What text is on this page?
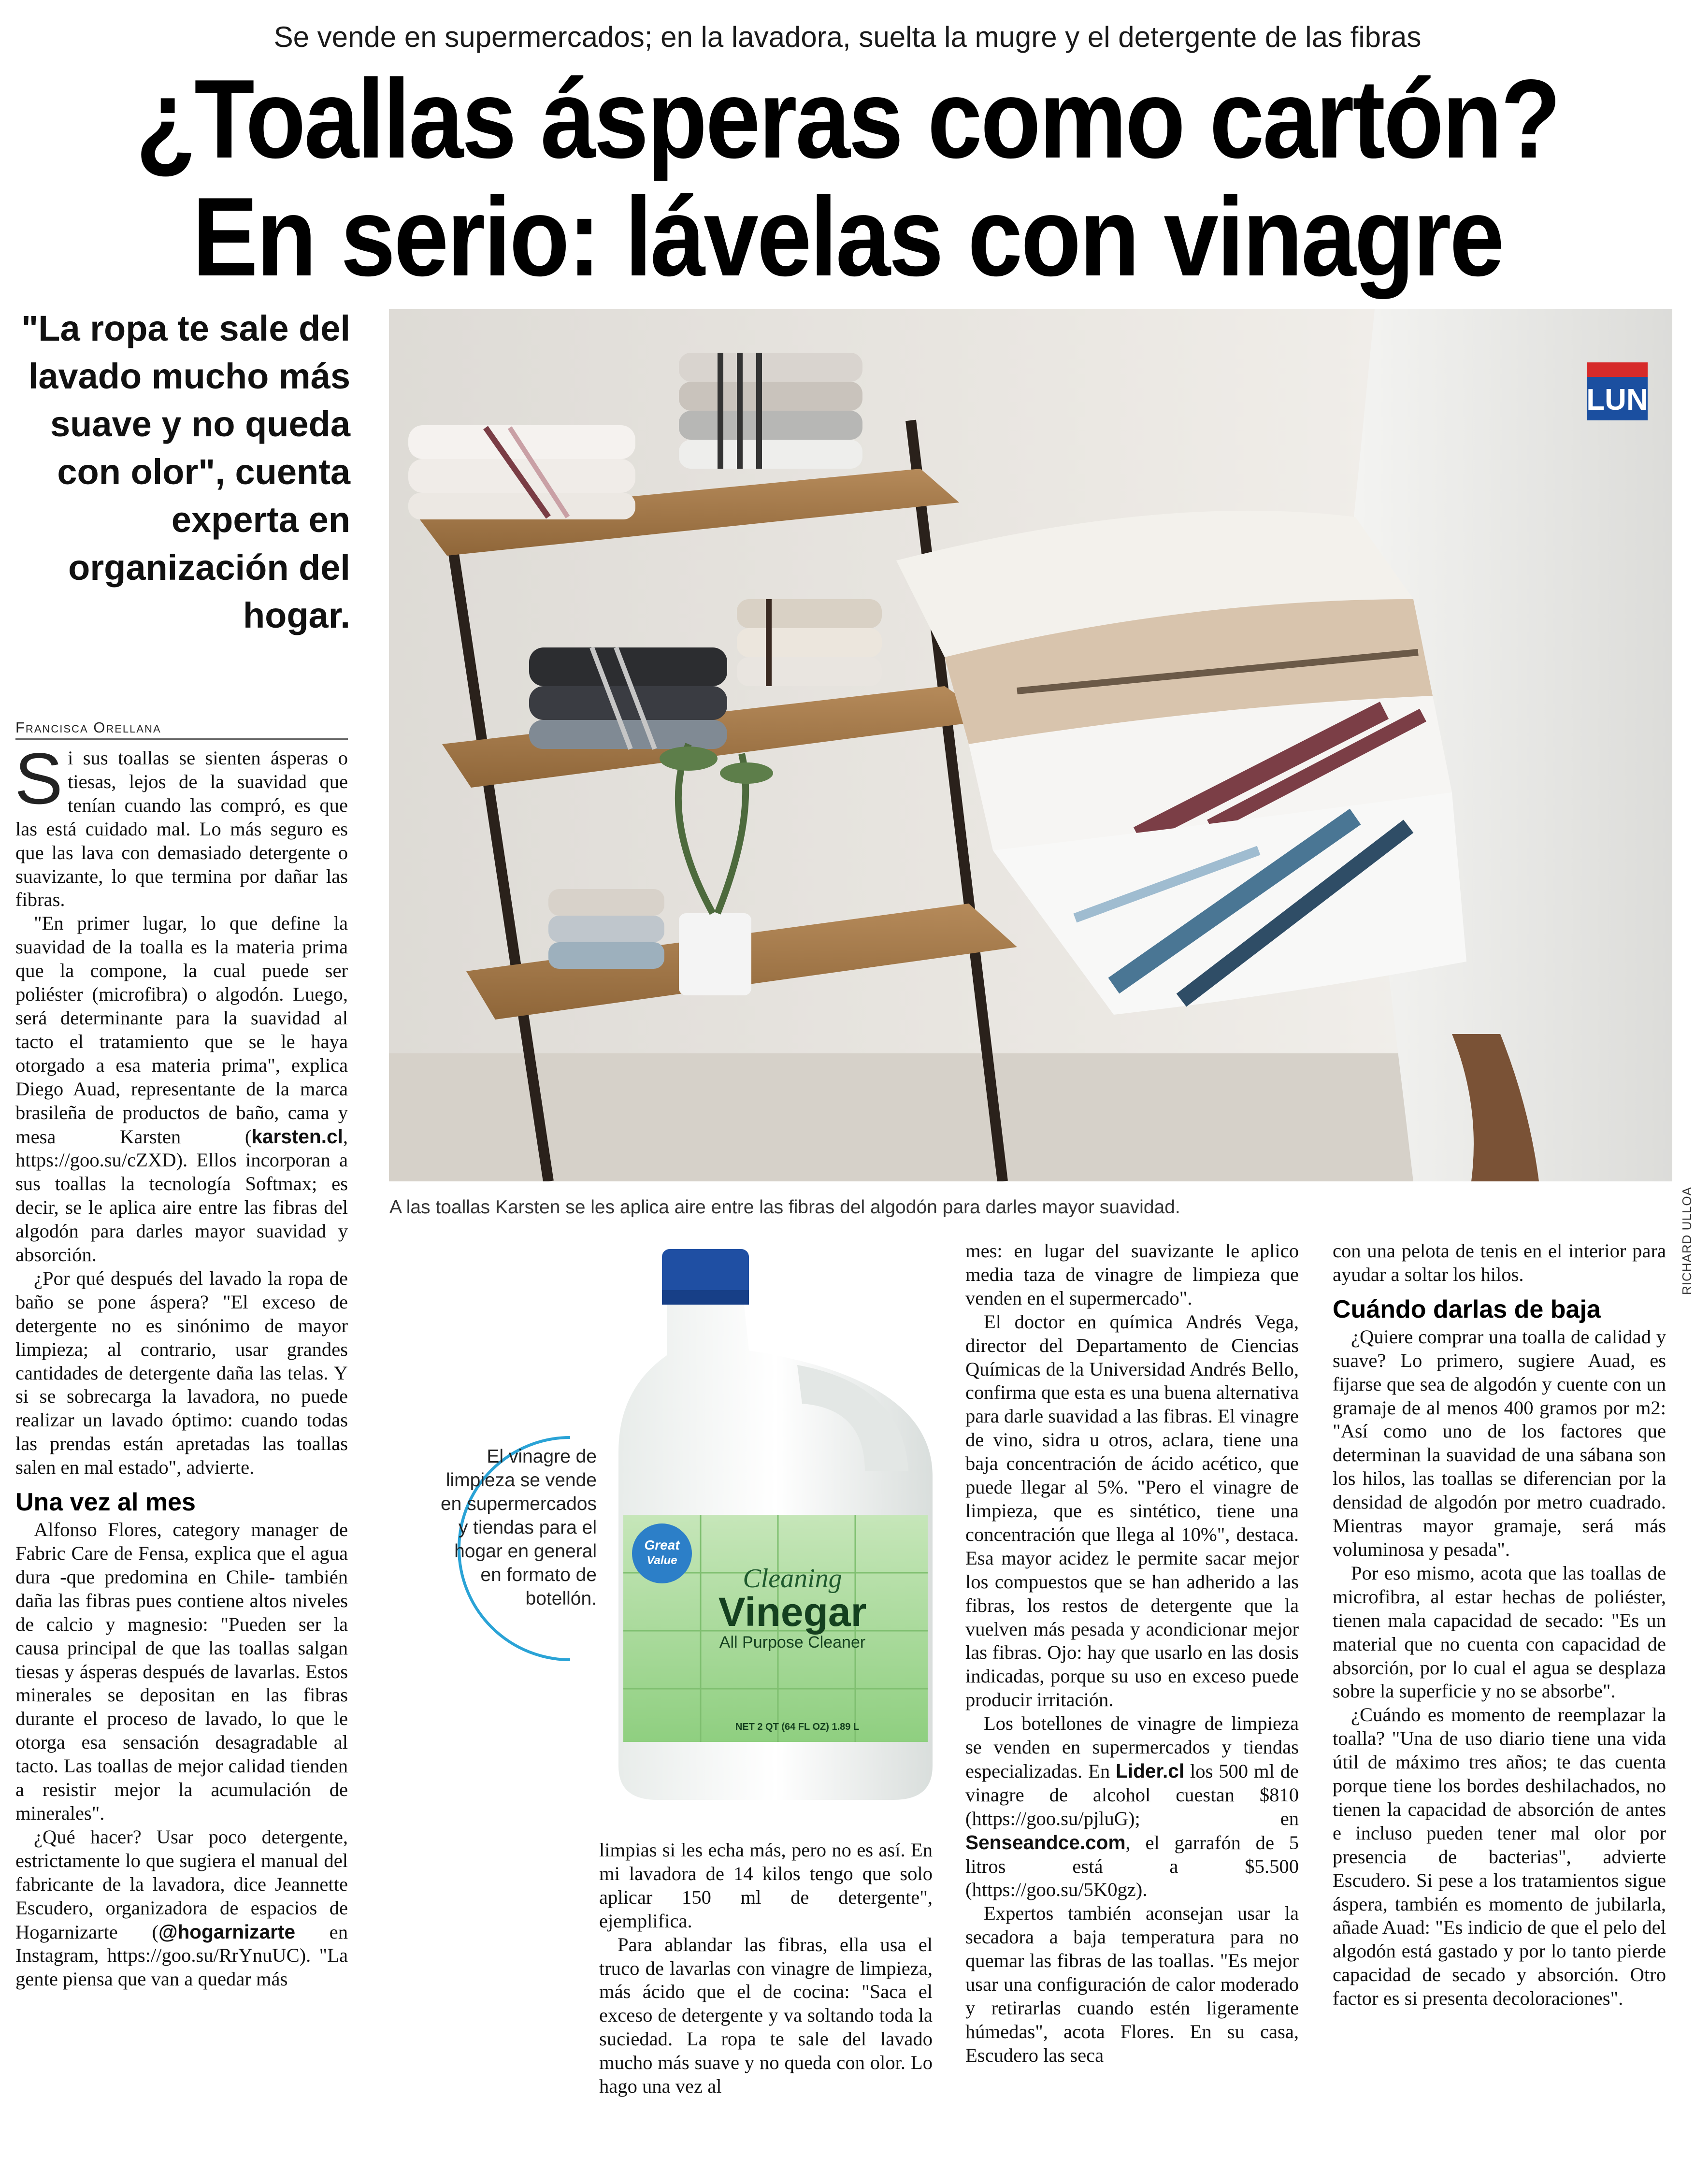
Se vende en supermercados; en la lavadora, suelta la mugre y el detergente de las fibras
¿Toallas ásperas como cartón? En serio: lávelas con vinagre
"La ropa te sale del lavado mucho más suave y no queda con olor", cuenta experta en organización del hogar.
Francisca Orellana
LUN
RICHARD ULLOA
A las toallas Karsten se les aplica aire entre las fibras del algodón para darles mayor suavidad.
El vinagre de limpieza se vende en supermercados y tiendas para el hogar en general en formato de botellón.
Great
Value
Cleaning
Vinegar
All Purpose Cleaner
NET 2 QT (64 FL OZ) 1.89 L

Si sus toallas se sienten ásperas o tiesas, lejos de la suavidad que tenían cuando las compró, es que las está cuidado mal. Lo más seguro es que las lava con demasiado detergente o suavizante, lo que termina por dañar las fibras.

"En primer lugar, lo que define la suavidad de la toalla es la materia prima que la compone, la cual puede ser poliéster (microfibra) o algodón. Luego, será determinante para la suavidad al tacto el tratamiento que se le haya otorgado a esa materia prima", explica Diego Auad, representante de la marca brasileña de productos de baño, cama y mesa Karsten (karsten.cl, https://goo.su/cZXD). Ellos incorporan a sus toallas la tecnología Softmax; es decir, se le aplica aire entre las fibras del algodón para darles mayor suavidad y absorción.

¿Por qué después del lavado la ropa de baño se pone áspera? "El exceso de detergente no es sinónimo de mayor limpieza; al contrario, usar grandes cantidades de detergente daña las telas. Y si se sobrecarga la lavadora, no puede realizar un lavado óptimo: cuando todas las prendas están apretadas las toallas salen en mal estado", advierte.

Una vez al mes

Alfonso Flores, category manager de Fabric Care de Fensa, explica que el agua dura -que predomina en Chile- también daña las fibras pues contiene altos niveles de calcio y magnesio: "Pueden ser la causa principal de que las toallas salgan tiesas y ásperas después de lavarlas. Estos minerales se depositan en las fibras durante el proceso de lavado, lo que le otorga esa sensación desagradable al tacto. Las toallas de mejor calidad tienden a resistir mejor la acumulación de minerales".

¿Qué hacer? Usar poco detergente, estrictamente lo que sugiera el manual del fabricante de la lavadora, dice Jeannette Escudero, organizadora de espacios de Hogarnizarte (@hogarnizarte en Instagram, https://goo.su/RrYnuUC). "La gente piensa que van a quedar más

limpias si les echa más, pero no es así. En mi lavadora de 14 kilos tengo que solo aplicar 150 ml de detergente", ejemplifica.

Para ablandar las fibras, ella usa el truco de lavarlas con vinagre de limpieza, más ácido que el de cocina: "Saca el exceso de detergente y va soltando toda la suciedad. La ropa te sale del lavado mucho más suave y no queda con olor. Lo hago una vez al

mes: en lugar del suavizante le aplico media taza de vinagre de limpieza que venden en el supermercado".

El doctor en química Andrés Vega, director del Departamento de Ciencias Químicas de la Universidad Andrés Bello, confirma que esta es una buena alternativa para darle suavidad a las fibras. El vinagre de vino, sidra u otros, aclara, tiene una baja concentración de ácido acético, que puede llegar al 5%. "Pero el vinagre de limpieza, que es sintético, tiene una concentración que llega al 10%", destaca. Esa mayor acidez le permite sacar mejor los compuestos que se han adherido a las fibras, los restos de detergente que la vuelven más pesada y acondicionar mejor las fibras. Ojo: hay que usarlo en las dosis indicadas, porque su uso en exceso puede producir irritación.

Los botellones de vinagre de limpieza se venden en supermercados y tiendas especializadas. En Lider.cl los 500 ml de vinagre de alcohol cuestan $810 (https://goo.su/pjluG); en Senseandce.com, el garrafón de 5 litros está a $5.500 (https://goo.su/5K0gz).

Expertos también aconsejan usar la secadora a baja temperatura para no quemar las fibras de las toallas. "Es mejor usar una configuración de calor moderado y retirarlas cuando estén ligeramente húmedas", acota Flores. En su casa, Escudero las seca

con una pelota de tenis en el interior para ayudar a soltar los hilos.

Cuándo darlas de baja

¿Quiere comprar una toalla de calidad y suave? Lo primero, sugiere Auad, es fijarse que sea de algodón y cuente con un gramaje de al menos 400 gramos por m2: "Así como uno de los factores que determinan la suavidad de una sábana son los hilos, las toallas se diferencian por la densidad de algodón por metro cuadrado. Mientras mayor gramaje, será más voluminosa y pesada".

Por eso mismo, acota que las toallas de microfibra, al estar hechas de poliéster, tienen mala capacidad de secado: "Es un material que no cuenta con capacidad de absorción, por lo cual el agua se desplaza sobre la superficie y no se absorbe".

¿Cuándo es momento de reemplazar la toalla? "Una de uso diario tiene una vida útil de máximo tres años; te das cuenta porque tiene los bordes deshilachados, no tienen la capacidad de absorción de antes e incluso pueden tener mal olor por presencia de bacterias", advierte Escudero. Si pese a los tratamientos sigue áspera, también es momento de jubilarla, añade Auad: "Es indicio de que el pelo del algodón está gastado y por lo tanto pierde capacidad de secado y absorción. Otro factor es si presenta decoloraciones".
